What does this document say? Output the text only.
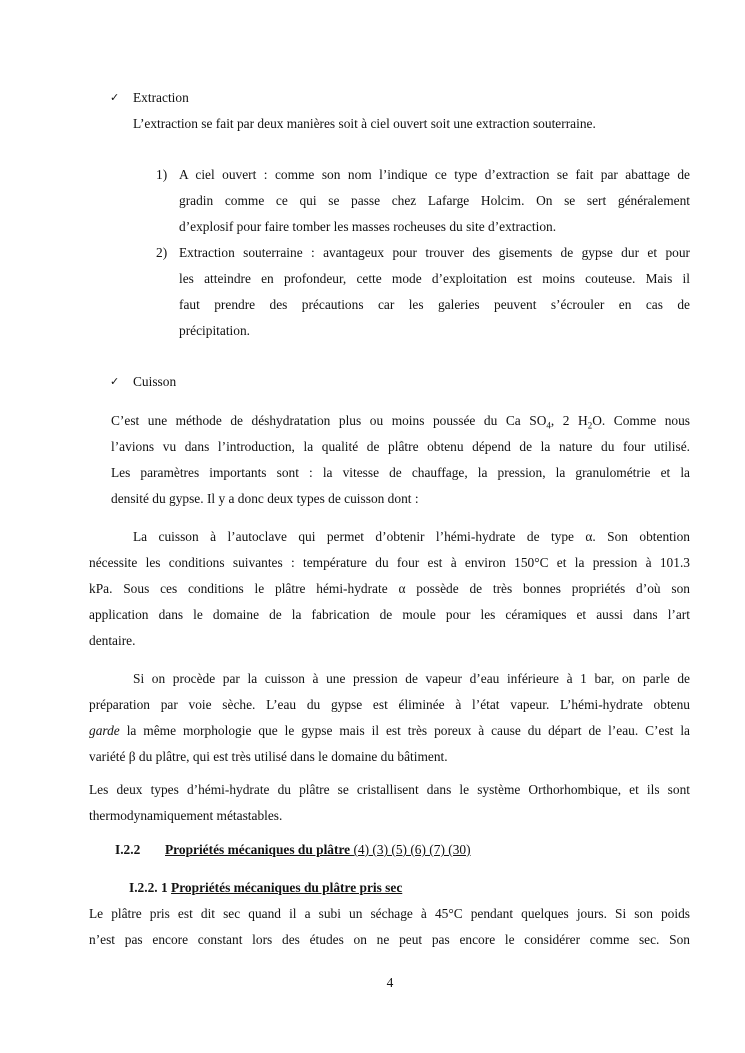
✓ Extraction
L’extraction se fait par deux manières soit à ciel ouvert soit une extraction souterraine.
1) A ciel ouvert : comme son nom l’indique ce type d’extraction se fait par abattage de
gradin comme ce qui se passe chez Lafarge Holcim. On se sert généralement
d’explosif pour faire tomber les masses rocheuses du site d’extraction.
2) Extraction souterraine : avantageux pour trouver des gisements de gypse dur et pour
les atteindre en profondeur, cette mode d’exploitation est moins couteuse. Mais il
faut prendre des précautions car les galeries peuvent s’écrouler en cas de
précipitation.
✓ Cuisson
C’est une méthode de déshydratation plus ou moins poussée du Ca $SO_4$, 2 $H_2O$. Comme nous
l’avions vu dans l’introduction, la qualité de plâtre obtenu dépend de la nature du four utilisé.
Les paramètres importants sont : la vitesse de chauffage, la pression, la granulométrie et la
densité du gypse. Il y a donc deux types de cuisson dont :
La cuisson à l’autoclave qui permet d’obtenir l’hémi-hydrate de type α. Son obtention
nécessite les conditions suivantes : température du four est à environ 150°C et la pression à 101.3
kPa. Sous ces conditions le plâtre hémi-hydrate α possède de très bonnes propriétés d’où son
application dans le domaine de la fabrication de moule pour les céramiques et aussi dans l’art
dentaire.
Si on procède par la cuisson à une pression de vapeur d’eau inférieure à 1 bar, on parle de
préparation par voie sèche. L’eau du gypse est éliminée à l’état vapeur. L’hémi-hydrate obtenu
garde la même morphologie que le gypse mais il est très poreux à cause du départ de l’eau. C’est la
variété β du plâtre, qui est très utilisé dans le domaine du bâtiment.
Les deux types d’hémi-hydrate du plâtre se cristallisent dans le système Orthorhombique, et ils sont
thermodynamiquement métastables.
I.2.2 Propriétés mécaniques du plâtre (4) (3) (5) (6) (7) (30)
I.2.2. 1 Propriétés mécaniques du plâtre pris sec
Le plâtre pris est dit sec quand il a subi un séchage à 45°C pendant quelques jours. Si son poids
n’est pas encore constant lors des études on ne peut pas encore le considérer comme sec. Son
4
